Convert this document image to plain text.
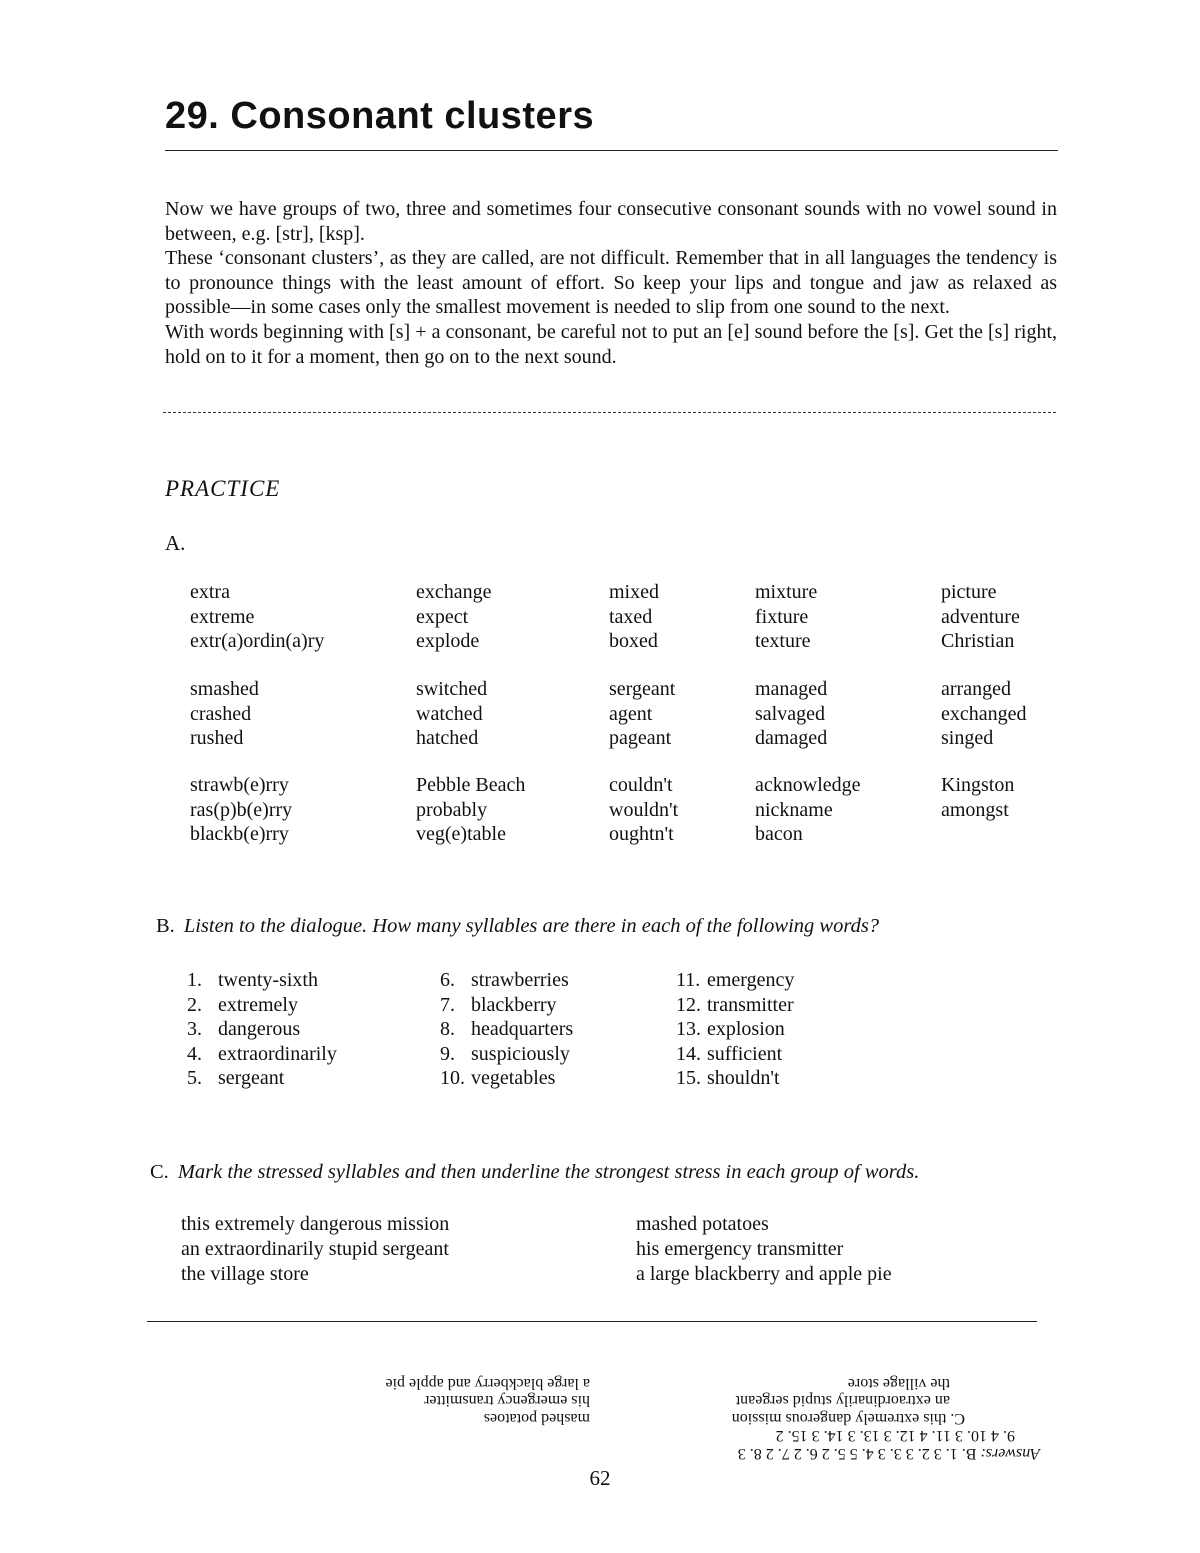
29. Consonant clusters

Now we have groups of two, three and sometimes four consecutive consonant sounds with no vowel sound in between, e.g. [str], [ksp].

These ‘consonant clusters’, as they are called, are not difficult. Remember that in all languages the tendency is to pronounce things with the least amount of effort. So keep your lips and tongue and jaw as relaxed as possible—in some cases only the smallest movement is needed to slip from one sound to the next.

With words beginning with [s] + a consonant, be careful not to put an [e] sound before the [s]. Get the [s] right, hold on to it for a moment, then go on to the next sound.

PRACTICE
A.
extra
extreme
extr(a)ordin(a)ry
exchange
expect
explode
mixed
taxed
boxed
mixture
fixture
texture
picture
adventure
Christian
smashed
crashed
rushed
switched
watched
hatched
sergeant
agent
pageant
managed
salvaged
damaged
arranged
exchanged
singed
strawb(e)rry
ras(p)b(e)rry
blackb(e)rry
Pebble Beach
probably
veg(e)table
couldn't
wouldn't
oughtn't
acknowledge
nickname
bacon
Kingston
amongst
B. Listen to the dialogue. How many syllables are there in each of the following words?
1. twenty-sixth
2. extremely
3. dangerous
4. extraordinarily
5. sergeant
6. strawberries
7. blackberry
8. headquarters
9. suspiciously
10. vegetables
11. emergency
12. transmitter
13. explosion
14. sufficient
15. shouldn't
C. Mark the stressed syllables and then underline the strongest stress in each group of words.
this extremely dangerous mission
an extraordinarily stupid sergeant
the village store
mashed potatoes
his emergency transmitter
a large blackberry and apple pie
Answers: B. 1. 3 2. 3 3. 3 4. 5 5. 2 6. 2 7. 2 8. 3
9. 4 10. 3 11. 4 12. 3 13. 3 14. 3 15. 2
C. this extremely dangerous mission
an extraordinarily stupid sergeant
the village store
mashed potatoes
his emergency transmitter
a large blackberry and apple pie
62
